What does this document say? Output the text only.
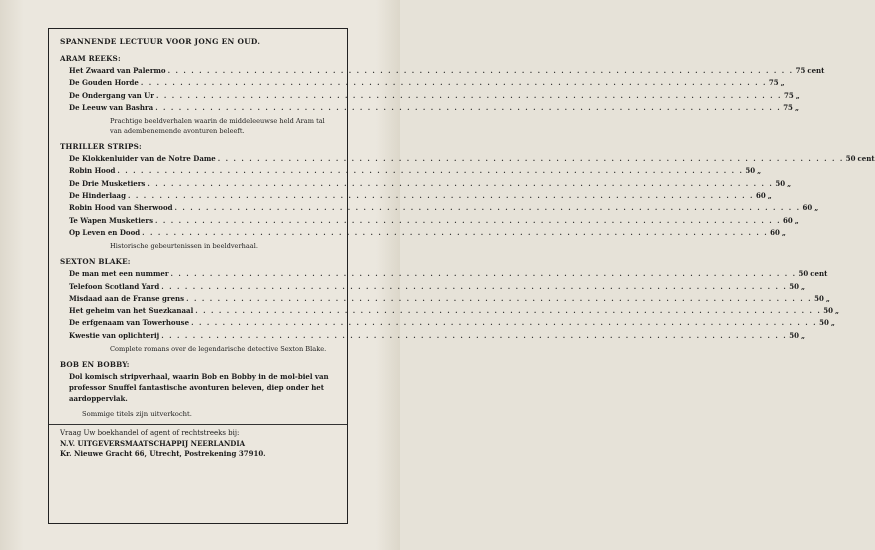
SPANNENDE LECTUUR VOOR JONG EN OUD.
ARAM REEKS:
Het Zwaard van Palermo . . . . . . . . . . . . . . . . . . . . . . . . . . . . . . . . . . . . . . . . . . . . . . . . . . . . . . . . . . . . . . . . . . . . . . . . . . . . . . . . 75 cent
De Gouden Horde . . . . . . . . . . . . . . . . . . . . . . . . . . . . . . . . . . . . . . . . . . . . . . . . . . . . . . . . . . . . . . . . . . . . . . . . . . . . . . . . 75 „
De Ondergang van Ur . . . . . . . . . . . . . . . . . . . . . . . . . . . . . . . . . . . . . . . . . . . . . . . . . . . . . . . . . . . . . . . . . . . . . . . . . . . . . . . . 75 „
De Leeuw van Bashra . . . . . . . . . . . . . . . . . . . . . . . . . . . . . . . . . . . . . . . . . . . . . . . . . . . . . . . . . . . . . . . . . . . . . . . . . . . . . . . . 75 „
Prachtige beeldverhalen waarin de middeleeuwse held Aram tal van adembenemende avonturen beleeft.
THRILLER STRIPS:
De Klokkenluider van de Notre Dame . . . . . . . . . . . . . . . . . . . . . . . . . . . . . . . . . . . . . . . . . . . . . . . . . . . . . . . . . . . . . . . . . . . . . . . . . . . . . . . . 50 cent
Robin Hood . . . . . . . . . . . . . . . . . . . . . . . . . . . . . . . . . . . . . . . . . . . . . . . . . . . . . . . . . . . . . . . . . . . . . . . . . . . . . . . . 50 „
De Drie Musketiers . . . . . . . . . . . . . . . . . . . . . . . . . . . . . . . . . . . . . . . . . . . . . . . . . . . . . . . . . . . . . . . . . . . . . . . . . . . . . . . . 50 „
De Hinderlaag . . . . . . . . . . . . . . . . . . . . . . . . . . . . . . . . . . . . . . . . . . . . . . . . . . . . . . . . . . . . . . . . . . . . . . . . . . . . . . . . 60 „
Robin Hood van Sherwood . . . . . . . . . . . . . . . . . . . . . . . . . . . . . . . . . . . . . . . . . . . . . . . . . . . . . . . . . . . . . . . . . . . . . . . . . . . . . . . . 60 „
Te Wapen Musketiers . . . . . . . . . . . . . . . . . . . . . . . . . . . . . . . . . . . . . . . . . . . . . . . . . . . . . . . . . . . . . . . . . . . . . . . . . . . . . . . . 60 „
Op Leven en Dood . . . . . . . . . . . . . . . . . . . . . . . . . . . . . . . . . . . . . . . . . . . . . . . . . . . . . . . . . . . . . . . . . . . . . . . . . . . . . . . . 60 „
Historische gebeurtenissen in beeldverhaal.
SEXTON BLAKE:
De man met een nummer . . . . . . . . . . . . . . . . . . . . . . . . . . . . . . . . . . . . . . . . . . . . . . . . . . . . . . . . . . . . . . . . . . . . . . . . . . . . . . . . 50 cent
Telefoon Scotland Yard . . . . . . . . . . . . . . . . . . . . . . . . . . . . . . . . . . . . . . . . . . . . . . . . . . . . . . . . . . . . . . . . . . . . . . . . . . . . . . . . 50 „
Misdaad aan de Franse grens . . . . . . . . . . . . . . . . . . . . . . . . . . . . . . . . . . . . . . . . . . . . . . . . . . . . . . . . . . . . . . . . . . . . . . . . . . . . . . . . 50 „
Het geheim van het Suezkanaal . . . . . . . . . . . . . . . . . . . . . . . . . . . . . . . . . . . . . . . . . . . . . . . . . . . . . . . . . . . . . . . . . . . . . . . . . . . . . . . . 50 „
De erfgenaam van Towerhouse . . . . . . . . . . . . . . . . . . . . . . . . . . . . . . . . . . . . . . . . . . . . . . . . . . . . . . . . . . . . . . . . . . . . . . . . . . . . . . . . 50 „
Kwestie van oplichterij . . . . . . . . . . . . . . . . . . . . . . . . . . . . . . . . . . . . . . . . . . . . . . . . . . . . . . . . . . . . . . . . . . . . . . . . . . . . . . . . 50 „
Complete romans over de legendarische detective Sexton Blake.
BOB EN BOBBY:
Dol komisch stripverhaal, waarin Bob en Bobby in de mol-biel van professor Snuffel fantastische avonturen beleven, diep onder het aardoppervlak.
Sommige titels zijn uitverkocht.
Vraag Uw boekhandel of agent of rechtstreeks bij:
N.V. UITGEVERSMAATSCHAPPIJ NEERLANDIA
Kr. Nieuwe Gracht 66, Utrecht, Postrekening 37910.
